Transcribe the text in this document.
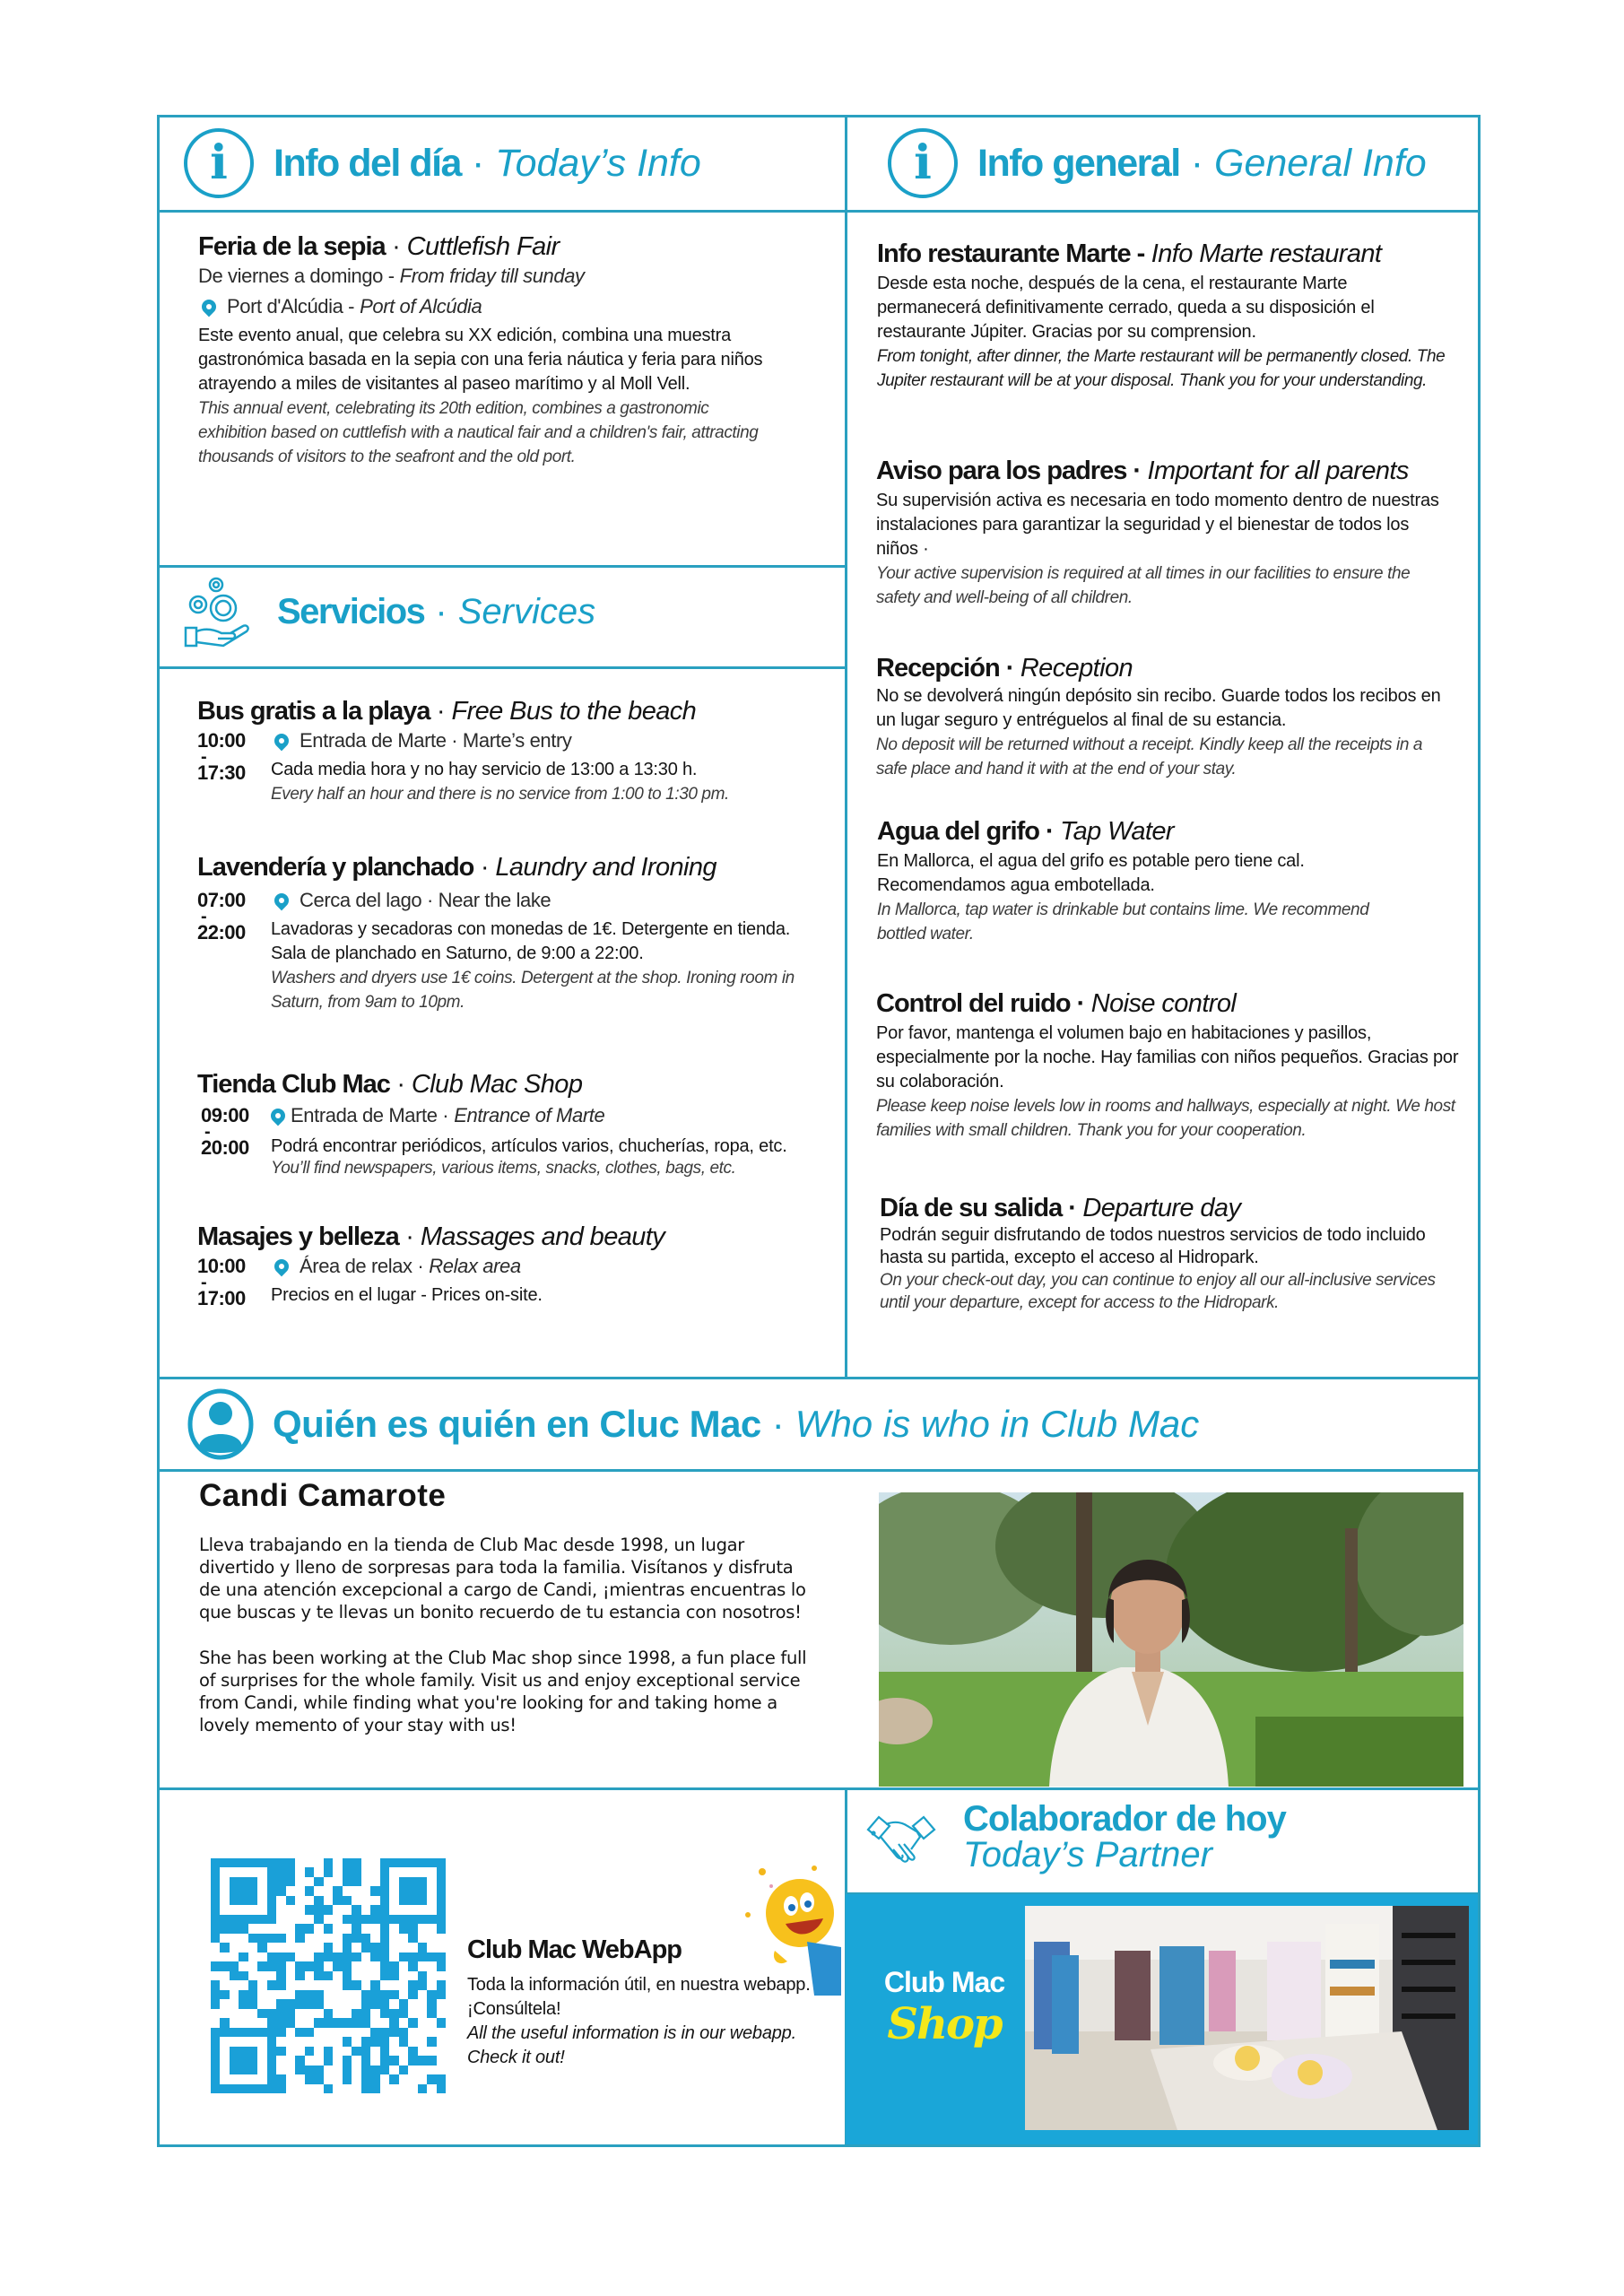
i Info del día · Today’s Info
Feria de la sepia · Cuttlefish Fair
De viernes a domingo - From friday till sunday
Port d'Alcúdia - Port of Alcúdia
Este evento anual, que celebra su XX edición, combina una muestra gastronómica basada en la sepia con una feria náutica y feria para niños atrayendo a miles de visitantes al paseo marítimo y al Moll Vell.
This annual event, celebrating its 20th edition, combines a gastronomic exhibition based on cuttlefish with a nautical fair and a children's fair, attracting thousands of visitors to the seafront and the old port.
Servicios · Services
Bus gratis a la playa · Free Bus to the beach
10:00
-
17:30
Entrada de Marte · Marte’s entry
Cada media hora y no hay servicio de 13:00 a 13:30 h.
Every half an hour and there is no service from 1:00 to 1:30 pm.
Lavendería y planchado · Laundry and Ironing
07:00
-
22:00
Cerca del lago · Near the lake
Lavadoras y secadoras con monedas de 1€. Detergente en tienda. Sala de planchado en Saturno, de 9:00 a 22:00.
Washers and dryers use 1€ coins. Detergent at the shop. Ironing room in Saturn, from 9am to 10pm.
Tienda Club Mac · Club Mac Shop
09:00
-
20:00
Entrada de Marte · Entrance of Marte
Podrá encontrar periódicos, artículos varios, chucherías, ropa, etc.
You’ll find newspapers, various items, snacks, clothes, bags, etc.
Masajes y belleza · Massages and beauty
10:00
-
17:00
Área de relax · Relax area
Precios en el lugar - Prices on-site.
i Info general · General Info
Info restaurante Marte - Info Marte restaurant
Desde esta noche, después de la cena, el restaurante Marte permanecerá definitivamente cerrado, queda a su disposición el restaurante Júpiter. Gracias por su comprension.
From tonight, after dinner, the Marte restaurant will be permanently closed. The Jupiter restaurant will be at your disposal. Thank you for your understanding.
Aviso para los padres · Important for all parents
Su supervisión activa es necesaria en todo momento dentro de nuestras instalaciones para garantizar la seguridad y el bienestar de todos los niños ·
Your active supervision is required at all times in our facilities to ensure the safety and well-being of all children.
Recepción · Reception
No se devolverá ningún depósito sin recibo. Guarde todos los recibos en un lugar seguro y entréguelos al final de su estancia.
No deposit will be returned without a receipt. Kindly keep all the receipts in a safe place and hand it with at the end of your stay.
Agua del grifo · Tap Water
En Mallorca, el agua del grifo es potable pero tiene cal. Recomendamos agua embotellada.
In Mallorca, tap water is drinkable but contains lime. We recommend bottled water.
Control del ruido · Noise control
Por favor, mantenga el volumen bajo en habitaciones y pasillos, especialmente por la noche. Hay familias con niños pequeños. Gracias por su colaboración.
Please keep noise levels low in rooms and hallways, especially at night. We host families with small children. Thank you for your cooperation.
Día de su salida · Departure day
Podrán seguir disfrutando de todos nuestros servicios de todo incluido hasta su partida, excepto el acceso al Hidropark.
On your check-out day, you can continue to enjoy all our all-inclusive services until your departure, except for access to the Hidropark.
Quién es quién en Cluc Mac · Who is who in Club Mac
Candi Camarote
Lleva trabajando en la tienda de Club Mac desde 1998, un lugar divertido y lleno de sorpresas para toda la familia. Visítanos y disfruta de una atención excepcional a cargo de Candi, ¡mientras encuentras lo que buscas y te llevas un bonito recuerdo de tu estancia con nosotros!
She has been working at the Club Mac shop since 1998, a fun place full of surprises for the whole family. Visit us and enjoy exceptional service from Candi, while finding what you're looking for and taking home a lovely memento of your stay with us!
Club Mac WebApp
Toda la información útil, en nuestra webapp. ¡Consúltela!
All the useful information is in our webapp. Check it out!
Colaborador de hoy
Today’s Partner
Club Mac
Shop
